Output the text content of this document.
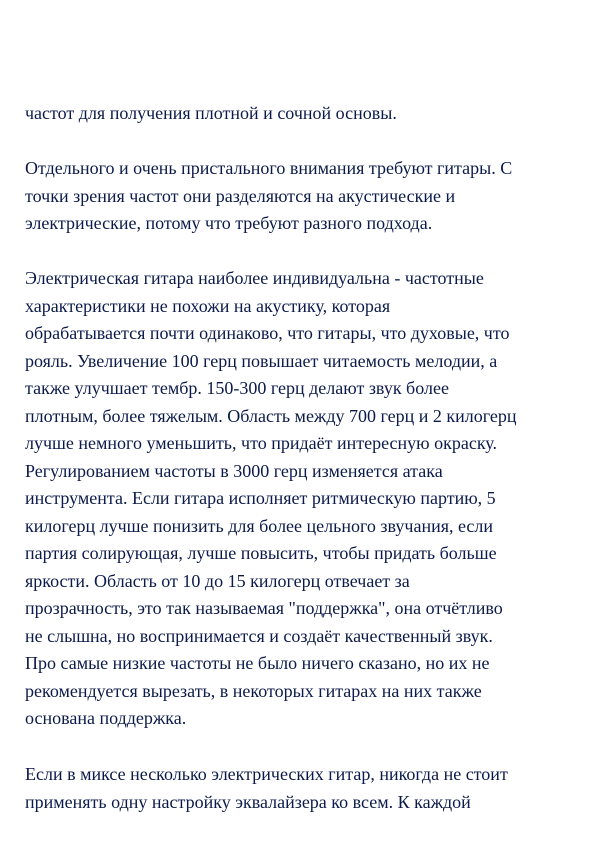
частот для получения плотной и сочной основы.
Отдельного и очень пристального внимания требуют гитары. С
точки зрения частот они разделяются на акустические и
электрические, потому что требуют разного подхода.
Электрическая гитара наиболее индивидуальна - частотные
характеристики не похожи на акустику, которая
обрабатывается почти одинаково, что гитары, что духовые, что
рояль. Увеличение 100 герц повышает читаемость мелодии, а
также улучшает тембр. 150-300 герц делают звук более
плотным, более тяжелым. Область между 700 герц и 2 килогерц
лучше немного уменьшить, что придаёт интересную окраску.
Регулированием частоты в 3000 герц изменяется атака
инструмента. Если гитара исполняет ритмическую партию, 5
килогерц лучше понизить для более цельного звучания, если
партия солирующая, лучше повысить, чтобы придать больше
яркости. Область от 10 до 15 килогерц отвечает за
прозрачность, это так называемая "поддержка", она отчётливо
не слышна, но воспринимается и создаёт качественный звук.
Про самые низкие частоты не было ничего сказано, но их не
рекомендуется вырезать, в некоторых гитарах на них также
основана поддержка.
Если в миксе несколько электрических гитар, никогда не стоит
применять одну настройку эквалайзера ко всем. К каждой
